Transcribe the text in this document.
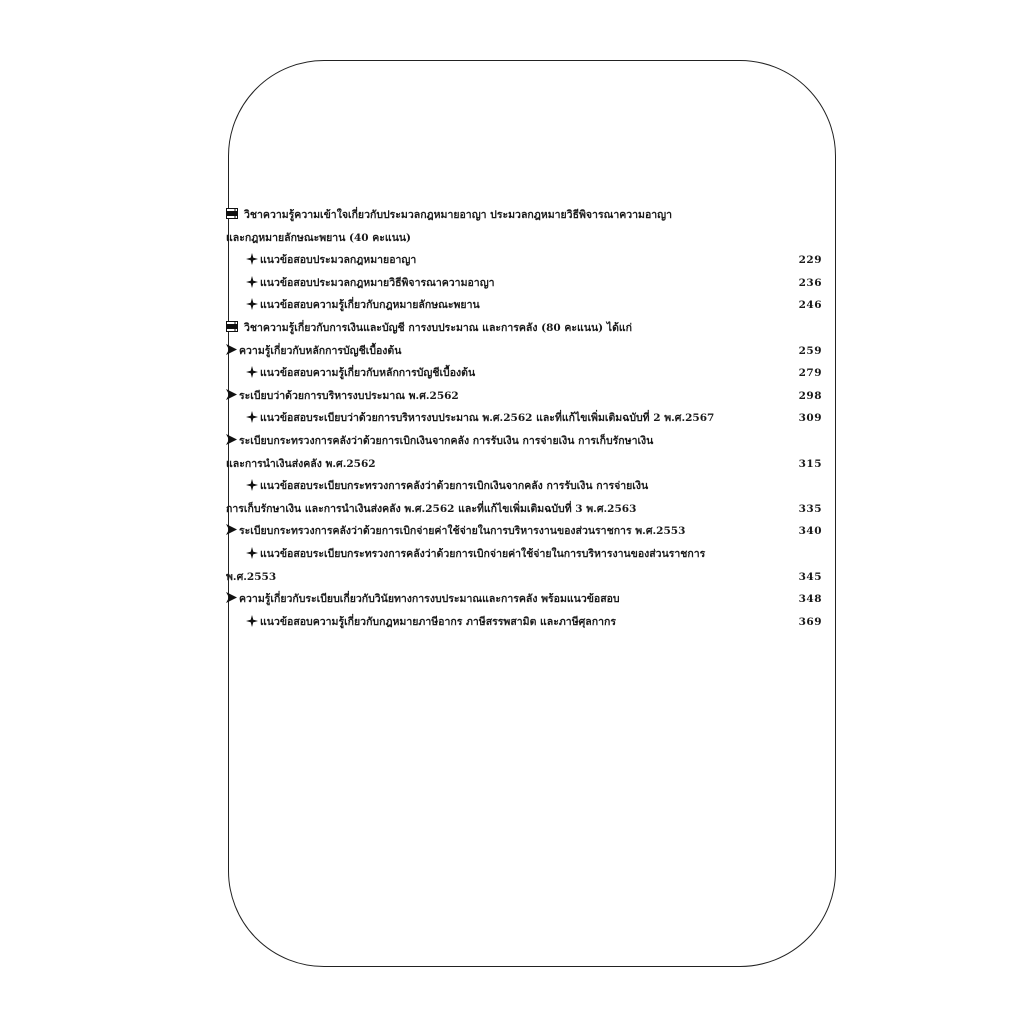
วิชาความรู้ความเข้าใจเกี่ยวกับประมวลกฎหมายอาญา ประมวลกฎหมายวิธีพิจารณาความอาญา
และกฎหมายลักษณะพยาน (40 คะแนน)
แนวข้อสอบประมวลกฎหมายอาญา	229
แนวข้อสอบประมวลกฎหมายวิธีพิจารณาความอาญา	236
แนวข้อสอบความรู้เกี่ยวกับกฎหมายลักษณะพยาน	246
วิชาความรู้เกี่ยวกับการเงินและบัญชี การงบประมาณ และการคลัง (80 คะแนน) ได้แก่
ความรู้เกี่ยวกับหลักการบัญชีเบื้องต้น	259
แนวข้อสอบความรู้เกี่ยวกับหลักการบัญชีเบื้องต้น	279
ระเบียบว่าด้วยการบริหารงบประมาณ พ.ศ.2562	298
แนวข้อสอบระเบียบว่าด้วยการบริหารงบประมาณ พ.ศ.2562 และที่แก้ไขเพิ่มเติมฉบับที่ 2 พ.ศ.2567	309
ระเบียบกระทรวงการคลังว่าด้วยการเบิกเงินจากคลัง การรับเงิน การจ่ายเงิน การเก็บรักษาเงิน
และการนำเงินส่งคลัง พ.ศ.2562	315
แนวข้อสอบระเบียบกระทรวงการคลังว่าด้วยการเบิกเงินจากคลัง การรับเงิน การจ่ายเงิน
การเก็บรักษาเงิน และการนำเงินส่งคลัง พ.ศ.2562 และที่แก้ไขเพิ่มเติมฉบับที่ 3 พ.ศ.2563	335
ระเบียบกระทรวงการคลังว่าด้วยการเบิกจ่ายค่าใช้จ่ายในการบริหารงานของส่วนราชการ พ.ศ.2553	340
แนวข้อสอบระเบียบกระทรวงการคลังว่าด้วยการเบิกจ่ายค่าใช้จ่ายในการบริหารงานของส่วนราชการ
พ.ศ.2553	345
ความรู้เกี่ยวกับระเบียบเกี่ยวกับวินัยทางการงบประมาณและการคลัง พร้อมแนวข้อสอบ	348
แนวข้อสอบความรู้เกี่ยวกับกฎหมายภาษีอากร ภาษีสรรพสามิต และภาษีศุลกากร	369
